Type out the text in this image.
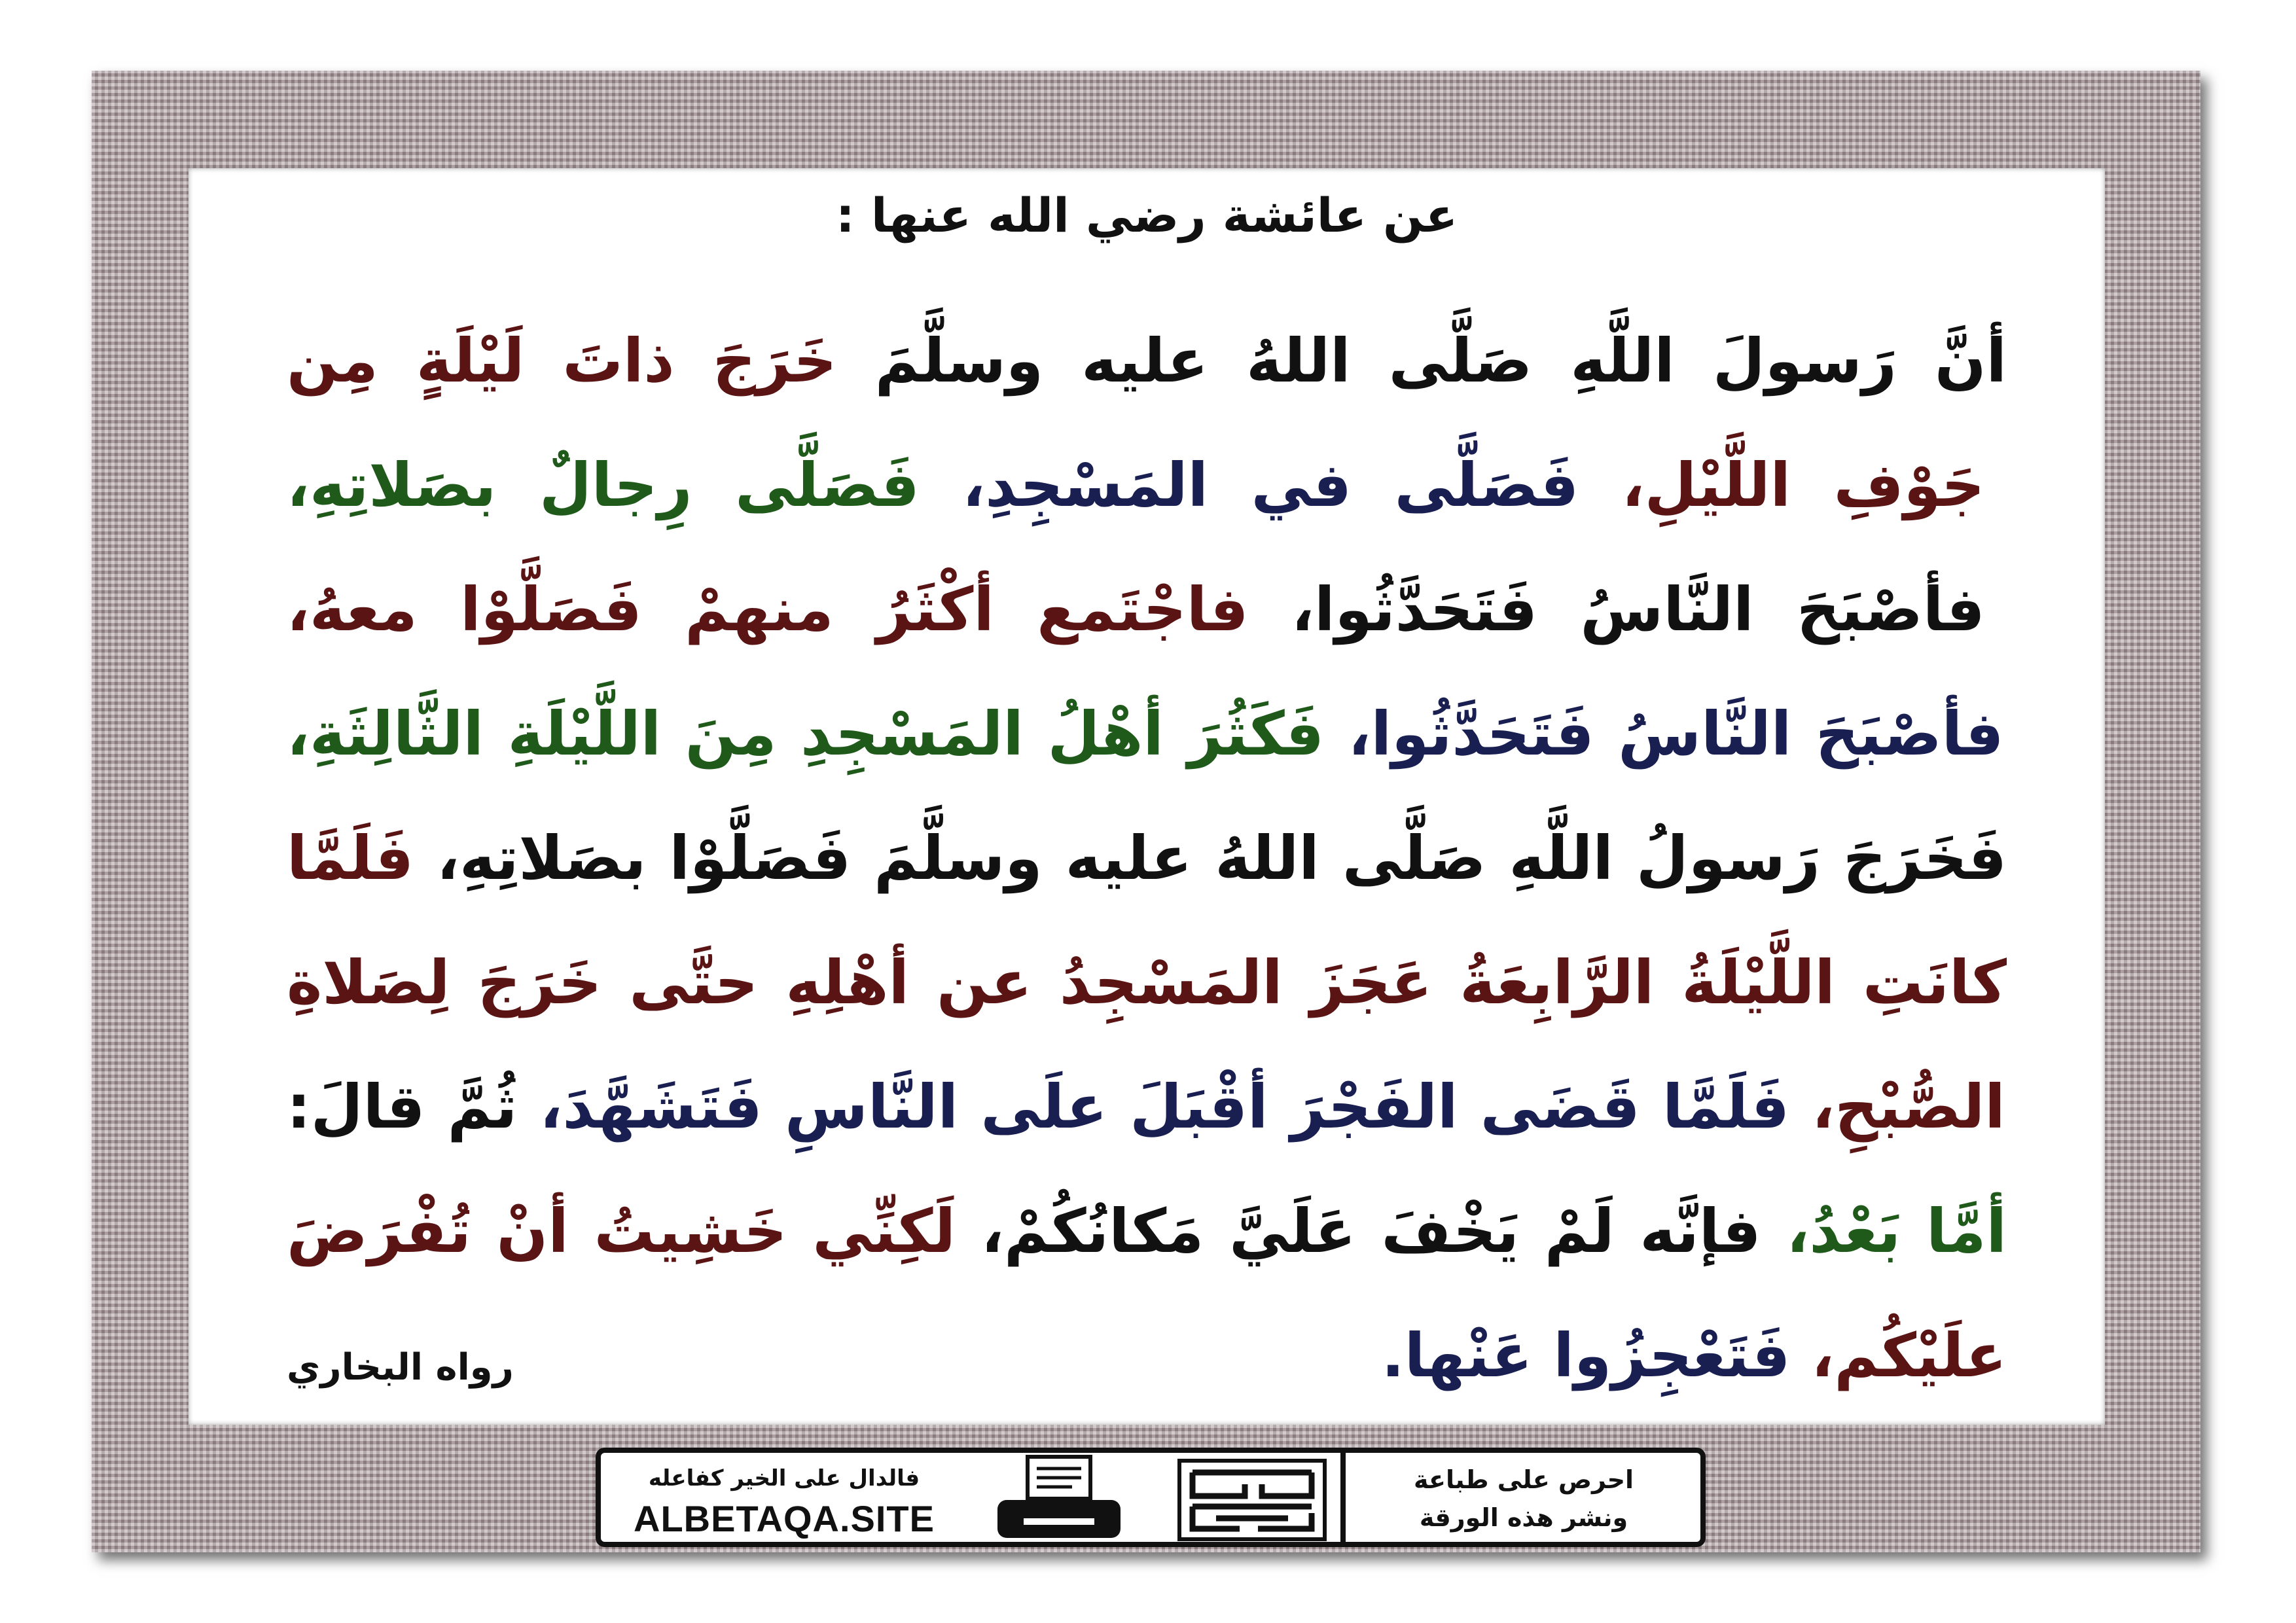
عن عائشة رضي الله عنها :
أنَّ رَسولَ اللَّهِ صَلَّى اللهُ عليه وسلَّمَ خَرَجَ ذاتَ لَيْلَةٍ مِن جَوْفِ اللَّيْلِ، فَصَلَّى في المَسْجِدِ، فَصَلَّى رِجالٌ بصَلاتِهِ، فأصْبَحَ النَّاسُ فَتَحَدَّثُوا، فاجْتَمع أكْثَرُ منهمْ فَصَلَّوْا معهُ، فأصْبَحَ النَّاسُ فَتَحَدَّثُوا، فَكَثُرَ أهْلُ المَسْجِدِ مِنَ اللَّيْلَةِ الثَّالِثَةِ، فَخَرَجَ رَسولُ اللَّهِ صَلَّى اللهُ عليه وسلَّمَ فَصَلَّوْا بصَلاتِهِ، فَلَمَّا كانَتِ اللَّيْلَةُ الرَّابِعَةُ عَجَزَ المَسْجِدُ عن أهْلِهِ حتَّى خَرَجَ لِصَلاةِ الصُّبْحِ، فَلَمَّا قَضَى الفَجْرَ أقْبَلَ علَى النَّاسِ فَتَشَهَّدَ، ثُمَّ قالَ: أمَّا بَعْدُ، فإنَّه لَمْ يَخْفَ عَلَيَّ مَكانُكُمْ، لَكِنِّي خَشِيتُ أنْ تُفْرَضَ علَيْكُم، فَتَعْجِزُوا عَنْها.
رواه البخاري
فالدال على الخير كفاعله
ALBETAQA.SITE
احرص على طباعة
ونشر هذه الورقة
